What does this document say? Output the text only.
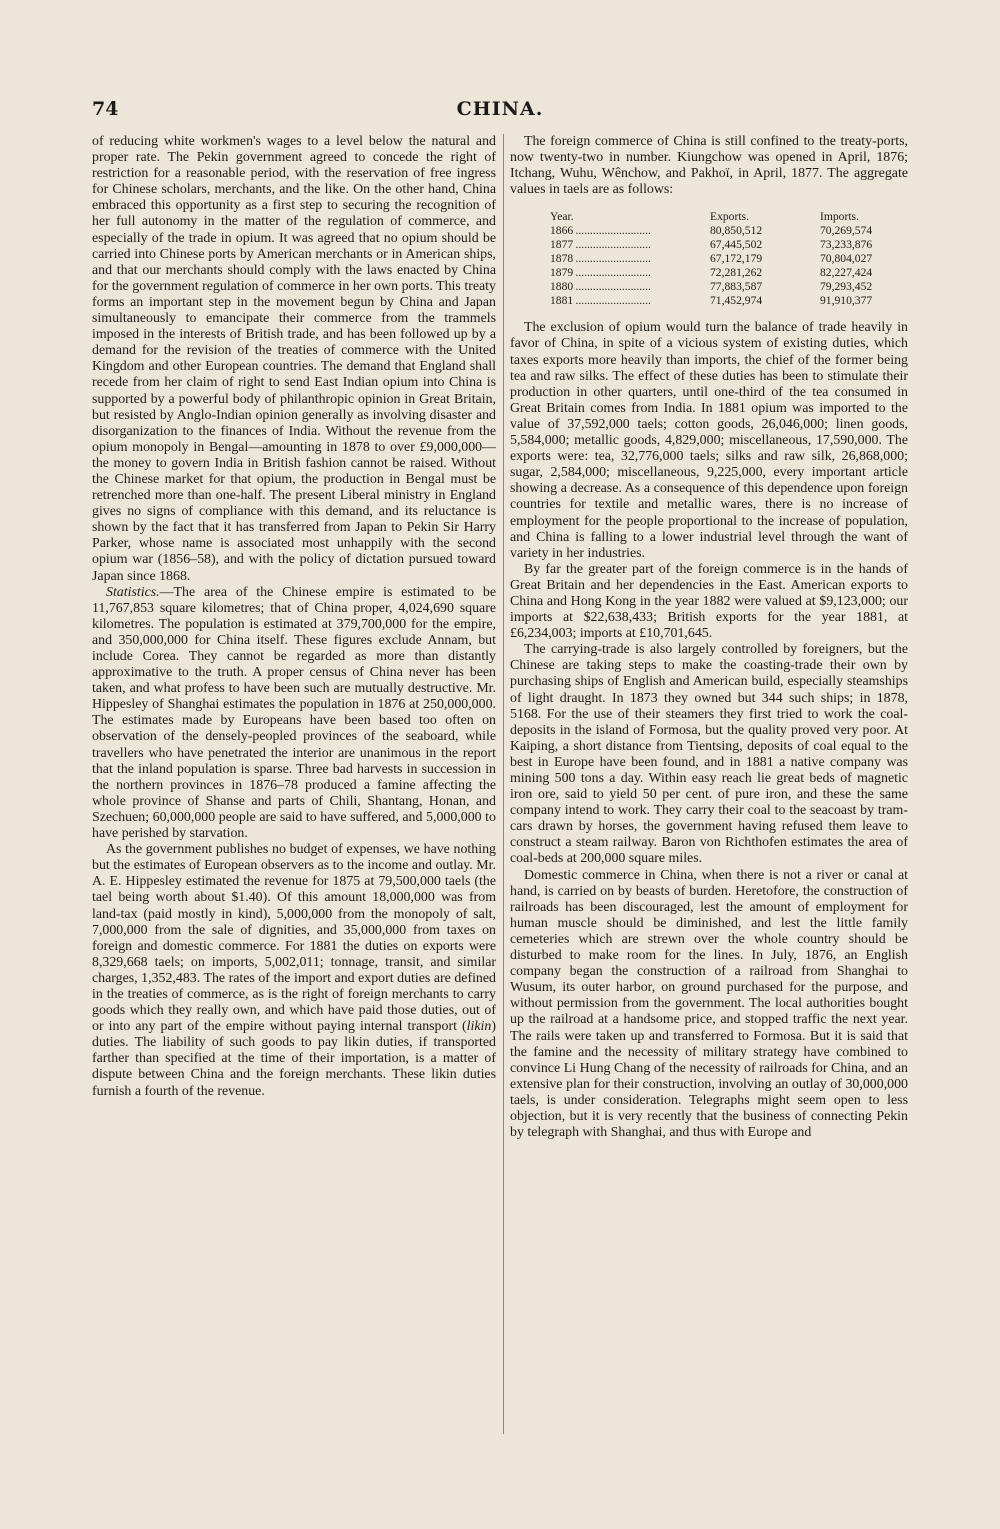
74	CHINA.

of reducing white workmen's wages to a level below the natural and proper rate. The Pekin government agreed to concede the right of restriction for a reasonable period, with the reservation of free ingress for Chinese scholars, merchants, and the like. On the other hand, China embraced this opportunity as a first step to securing the recognition of her full autonomy in the matter of the regulation of commerce, and especially of the trade in opium. It was agreed that no opium should be carried into Chinese ports by American merchants or in American ships, and that our merchants should comply with the laws enacted by China for the government regulation of commerce in her own ports. This treaty forms an important step in the movement begun by China and Japan simultaneously to emancipate their commerce from the trammels imposed in the interests of British trade, and has been followed up by a demand for the revision of the treaties of commerce with the United Kingdom and other European countries. The demand that England shall recede from her claim of right to send East Indian opium into China is supported by a powerful body of philanthropic opinion in Great Britain, but resisted by Anglo-Indian opinion generally as involving disaster and disorganization to the finances of India. Without the revenue from the opium monopoly in Bengal—amounting in 1878 to over £9,000,000—the money to govern India in British fashion cannot be raised. Without the Chinese market for that opium, the production in Bengal must be retrenched more than one-half. The present Liberal ministry in England gives no signs of compliance with this demand, and its reluctance is shown by the fact that it has transferred from Japan to Pekin Sir Harry Parker, whose name is associated most unhappily with the second opium war (1856–58), and with the policy of dictation pursued toward Japan since 1868.

Statistics.—The area of the Chinese empire is estimated to be 11,767,853 square kilometres; that of China proper, 4,024,690 square kilometres. The population is estimated at 379,700,000 for the empire, and 350,000,000 for China itself. These figures exclude Annam, but include Corea. They cannot be regarded as more than distantly approximative to the truth. A proper census of China never has been taken, and what profess to have been such are mutually destructive. Mr. Hippesley of Shanghai estimates the population in 1876 at 250,000,000. The estimates made by Europeans have been based too often on observation of the densely-peopled provinces of the seaboard, while travellers who have penetrated the interior are unanimous in the report that the inland population is sparse. Three bad harvests in succession in the northern provinces in 1876–78 produced a famine affecting the whole province of Shanse and parts of Chili, Shantang, Honan, and Szechuen; 60,000,000 people are said to have suffered, and 5,000,000 to have perished by starvation.

As the government publishes no budget of expenses, we have nothing but the estimates of European observers as to the income and outlay. Mr. A. E. Hippesley estimated the revenue for 1875 at 79,500,000 taels (the tael being worth about $1.40). Of this amount 18,000,000 was from land-tax (paid mostly in kind), 5,000,000 from the monopoly of salt, 7,000,000 from the sale of dignities, and 35,000,000 from taxes on foreign and domestic commerce. For 1881 the duties on exports were 8,329,668 taels; on imports, 5,002,011; tonnage, transit, and similar charges, 1,352,483. The rates of the import and export duties are defined in the treaties of commerce, as is the right of foreign merchants to carry goods which they really own, and which have paid those duties, out of or into any part of the empire without paying internal transport (likin) duties. The liability of such goods to pay likin duties, if transported farther than specified at the time of their importation, is a matter of dispute between China and the foreign merchants. These likin duties furnish a fourth of the revenue.

The foreign commerce of China is still confined to the treaty-ports, now twenty-two in number. Kiungchow was opened in April, 1876; Itchang, Wuhu, Wênchow, and Pakhoï, in April, 1877. The aggregate values in taels are as follows:

Year.	Exports.	Imports.
1866 ..........................	80,850,512	70,269,574
1877 ..........................	67,445,502	73,233,876
1878 ..........................	67,172,179	70,804,027
1879 ..........................	72,281,262	82,227,424
1880 ..........................	77,883,587	79,293,452
1881 ..........................	71,452,974	91,910,377

The exclusion of opium would turn the balance of trade heavily in favor of China, in spite of a vicious system of existing duties, which taxes exports more heavily than imports, the chief of the former being tea and raw silks. The effect of these duties has been to stimulate their production in other quarters, until one-third of the tea consumed in Great Britain comes from India. In 1881 opium was imported to the value of 37,592,000 taels; cotton goods, 26,046,000; linen goods, 5,584,000; metallic goods, 4,829,000; miscellaneous, 17,590,000. The exports were: tea, 32,776,000 taels; silks and raw silk, 26,868,000; sugar, 2,584,000; miscellaneous, 9,225,000, every important article showing a decrease. As a consequence of this dependence upon foreign countries for textile and metallic wares, there is no increase of employment for the people proportional to the increase of population, and China is falling to a lower industrial level through the want of variety in her industries.

By far the greater part of the foreign commerce is in the hands of Great Britain and her dependencies in the East. American exports to China and Hong Kong in the year 1882 were valued at $9,123,000; our imports at $22,638,433; British exports for the year 1881, at £6,234,003; imports at £10,701,645.

The carrying-trade is also largely controlled by foreigners, but the Chinese are taking steps to make the coasting-trade their own by purchasing ships of English and American build, especially steamships of light draught. In 1873 they owned but 344 such ships; in 1878, 5168. For the use of their steamers they first tried to work the coal-deposits in the island of Formosa, but the quality proved very poor. At Kaiping, a short distance from Tientsing, deposits of coal equal to the best in Europe have been found, and in 1881 a native company was mining 500 tons a day. Within easy reach lie great beds of magnetic iron ore, said to yield 50 per cent. of pure iron, and these the same company intend to work. They carry their coal to the seacoast by tram-cars drawn by horses, the government having refused them leave to construct a steam railway. Baron von Richthofen estimates the area of coal-beds at 200,000 square miles.

Domestic commerce in China, when there is not a river or canal at hand, is carried on by beasts of burden. Heretofore, the construction of railroads has been discouraged, lest the amount of employment for human muscle should be diminished, and lest the little family cemeteries which are strewn over the whole country should be disturbed to make room for the lines. In July, 1876, an English company began the construction of a railroad from Shanghai to Wusum, its outer harbor, on ground purchased for the purpose, and without permission from the government. The local authorities bought up the railroad at a handsome price, and stopped traffic the next year. The rails were taken up and transferred to Formosa. But it is said that the famine and the necessity of military strategy have combined to convince Li Hung Chang of the necessity of railroads for China, and an extensive plan for their construction, involving an outlay of 30,000,000 taels, is under consideration. Telegraphs might seem open to less objection, but it is very recently that the business of connecting Pekin by telegraph with Shanghai, and thus with Europe and
